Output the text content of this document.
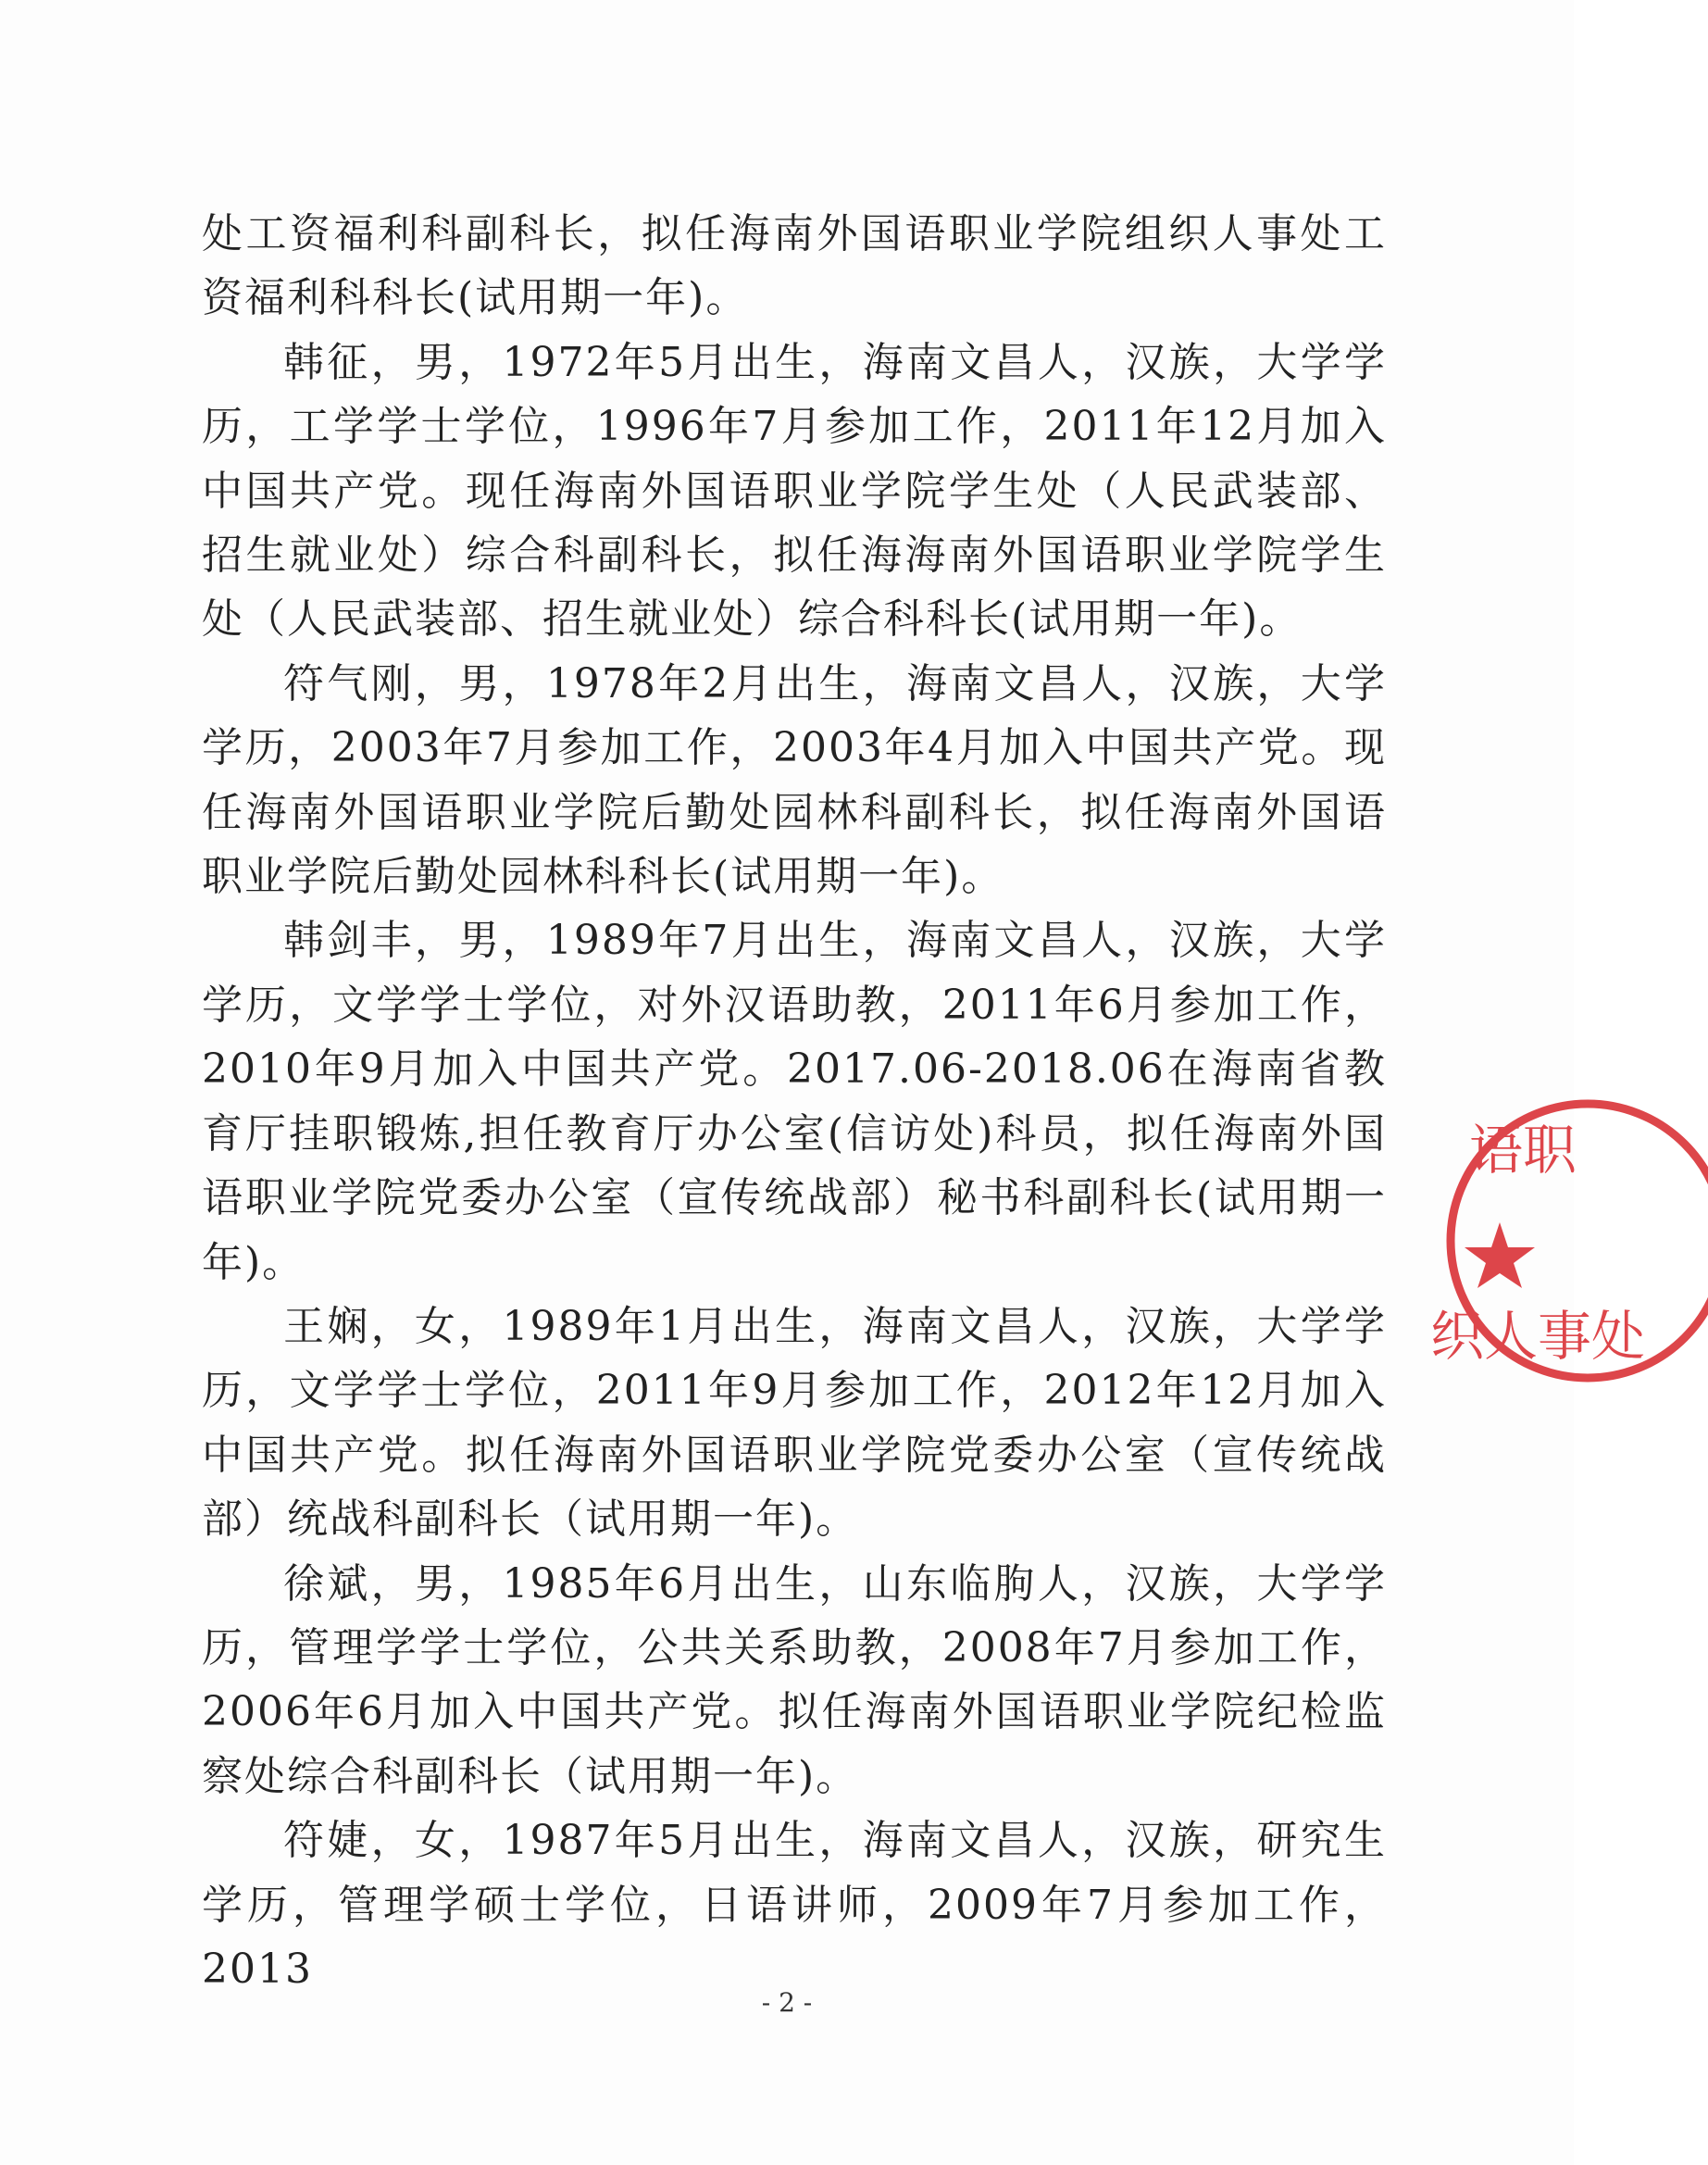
处工资福利科副科长，拟任海南外国语职业学院组织人事处工资福利科科长(试用期一年)。

韩征，男，1972年5月出生，海南文昌人，汉族，大学学历，工学学士学位，1996年7月参加工作，2011年12月加入中国共产党。现任海南外国语职业学院学生处（人民武装部、招生就业处）综合科副科长，拟任海海南外国语职业学院学生处（人民武装部、招生就业处）综合科科长(试用期一年)。

符气刚，男，1978年2月出生，海南文昌人，汉族，大学学历，2003年7月参加工作，2003年4月加入中国共产党。现任海南外国语职业学院后勤处园林科副科长，拟任海南外国语职业学院后勤处园林科科长(试用期一年)。

韩剑丰，男，1989年7月出生，海南文昌人，汉族，大学学历，文学学士学位，对外汉语助教，2011年6月参加工作，2010年9月加入中国共产党。2017.06-2018.06在海南省教育厅挂职锻炼,担任教育厅办公室(信访处)科员，拟任海南外国语职业学院党委办公室（宣传统战部）秘书科副科长(试用期一年)。

王娴，女，1989年1月出生，海南文昌人，汉族，大学学历，文学学士学位，2011年9月参加工作，2012年12月加入中国共产党。拟任海南外国语职业学院党委办公室（宣传统战部）统战科副科长（试用期一年)。

徐斌，男，1985年6月出生，山东临朐人，汉族，大学学历，管理学学士学位，公共关系助教，2008年7月参加工作，2006年6月加入中国共产党。拟任海南外国语职业学院纪检监察处综合科副科长（试用期一年)。

符婕，女，1987年5月出生，海南文昌人，汉族，研究生学历，管理学硕士学位，日语讲师，2009年7月参加工作，2013

- 2 -
语职
织人事处
